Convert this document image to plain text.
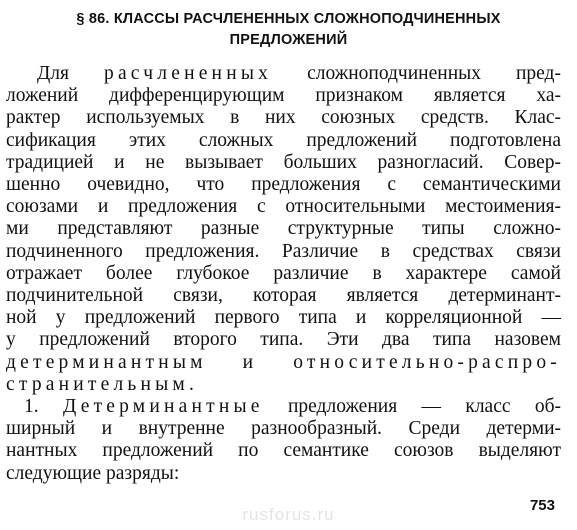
§ 86. КЛАССЫ РАСЧЛЕНЕННЫХ СЛОЖНОПОДЧИНЕННЫХ
ПРЕДЛОЖЕНИЙ
Для расчлененных сложноподчиненных пред-
ложений дифференцирующим признаком является ха-
рактер используемых в них союзных средств. Клас-
сификация этих сложных предложений подготовлена
традицией и не вызывает больших разногласий. Совер-
шенно очевидно, что предложения с семантическими
союзами и предложения с относительными местоимения-
ми представляют разные структурные типы сложно-
подчиненного предложения. Различие в средствах связи
отражает более глубокое различие в характере самой
подчинительной связи, которая является детерминант-
ной у предложений первого типа и корреляционной —
у предложений второго типа. Эти два типа назовем
детерминантным и относительно-распро-
странительным.
1. Детерминантные предложения — класс об-
ширный и внутренне разнообразный. Среди детерми-
нантных предложений по семантике союзов выделяют
следующие разряды:
753
rusforus.ru
